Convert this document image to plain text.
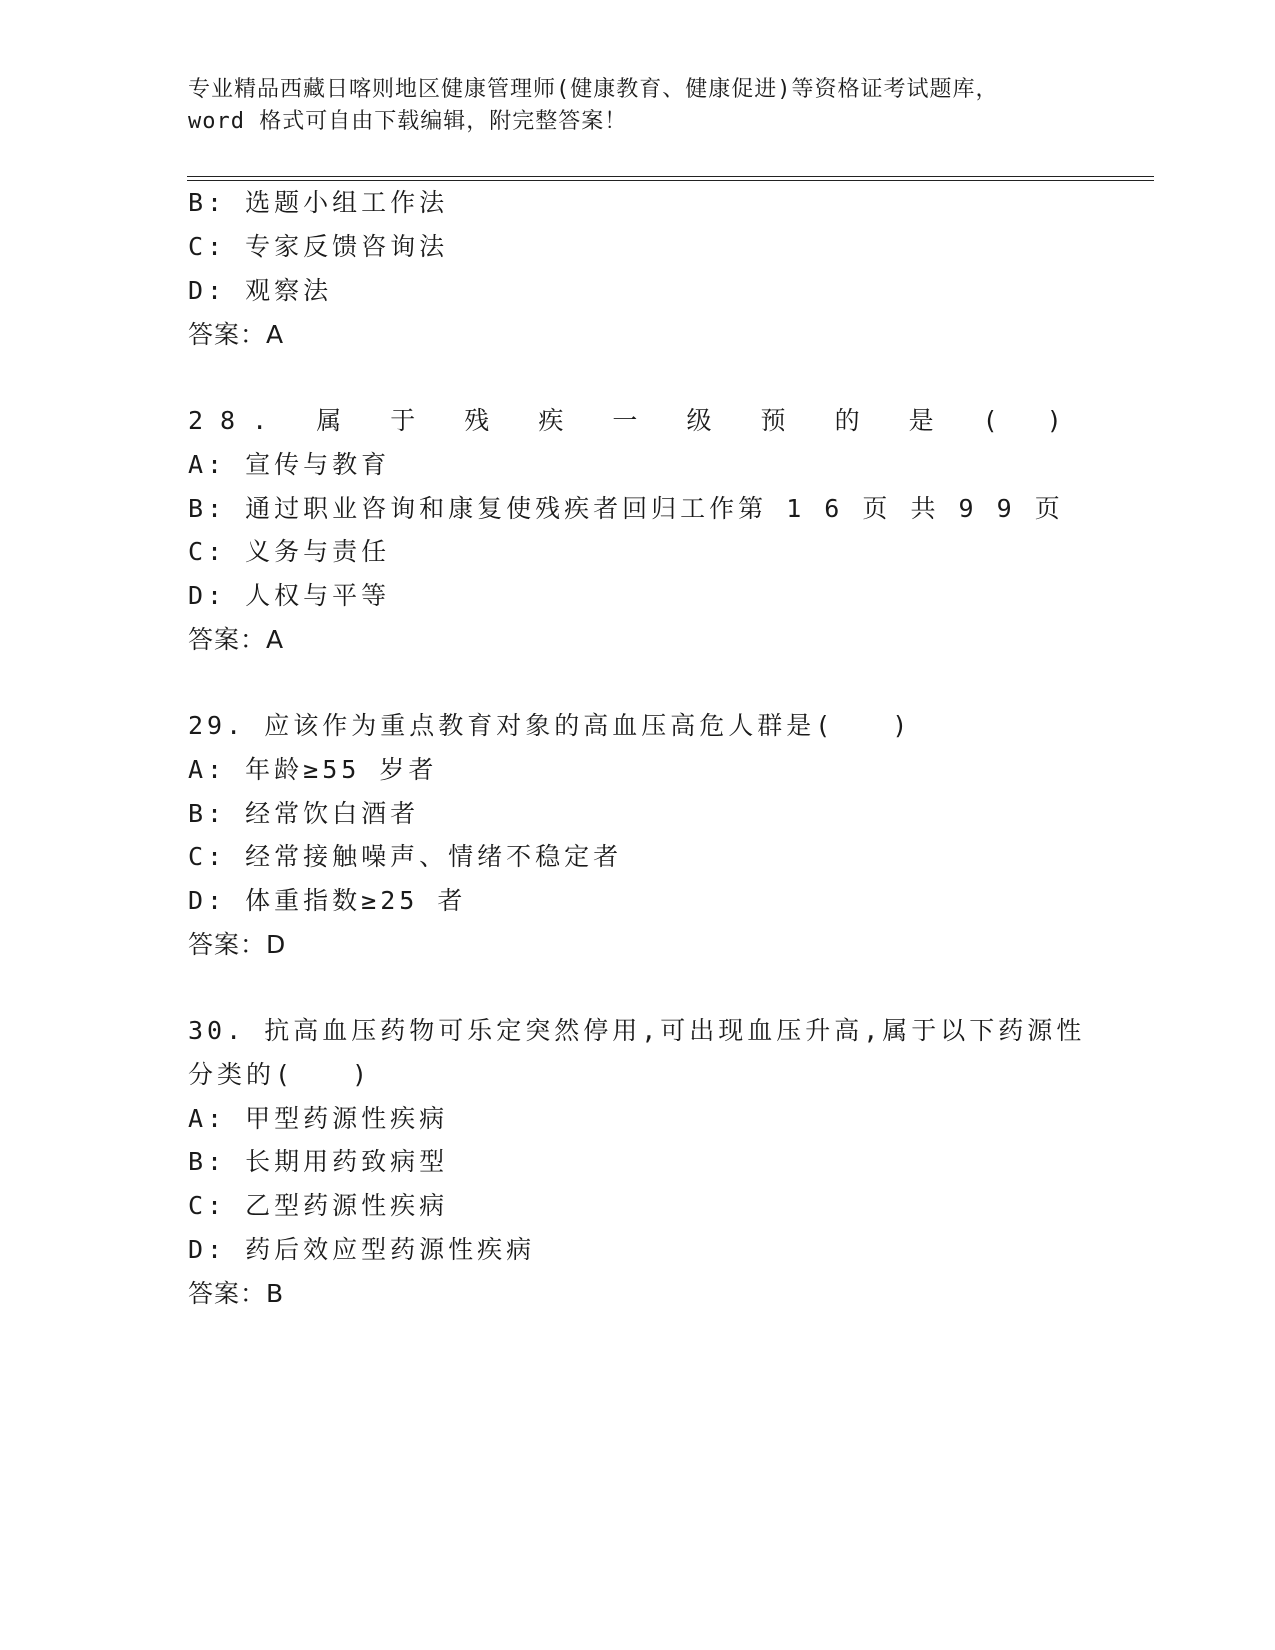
专业精品西藏日喀则地区健康管理师(健康教育、健康促进)等资格证考试题库，
word 格式可自由下载编辑，附完整答案！
B: 选题小组工作法
C: 专家反馈咨询法
D: 观察法
答案：A
28. 属 于 残 疾 一 级 预 的 是 ( )
A: 宣传与教育
B: 通过职业咨询和康复使残疾者回归工作第 1 6 页 共 9 9 页
C: 义务与责任
D: 人权与平等
答案：A
29. 应该作为重点教育对象的高血压高危人群是(　　)
A: 年龄≥55 岁者
B: 经常饮白酒者
C: 经常接触噪声、情绪不稳定者
D: 体重指数≥25 者
答案：D
30. 抗高血压药物可乐定突然停用,可出现血压升高,属于以下药源性
分类的(　　)
A: 甲型药源性疾病
B: 长期用药致病型
C: 乙型药源性疾病
D: 药后效应型药源性疾病
答案：B
